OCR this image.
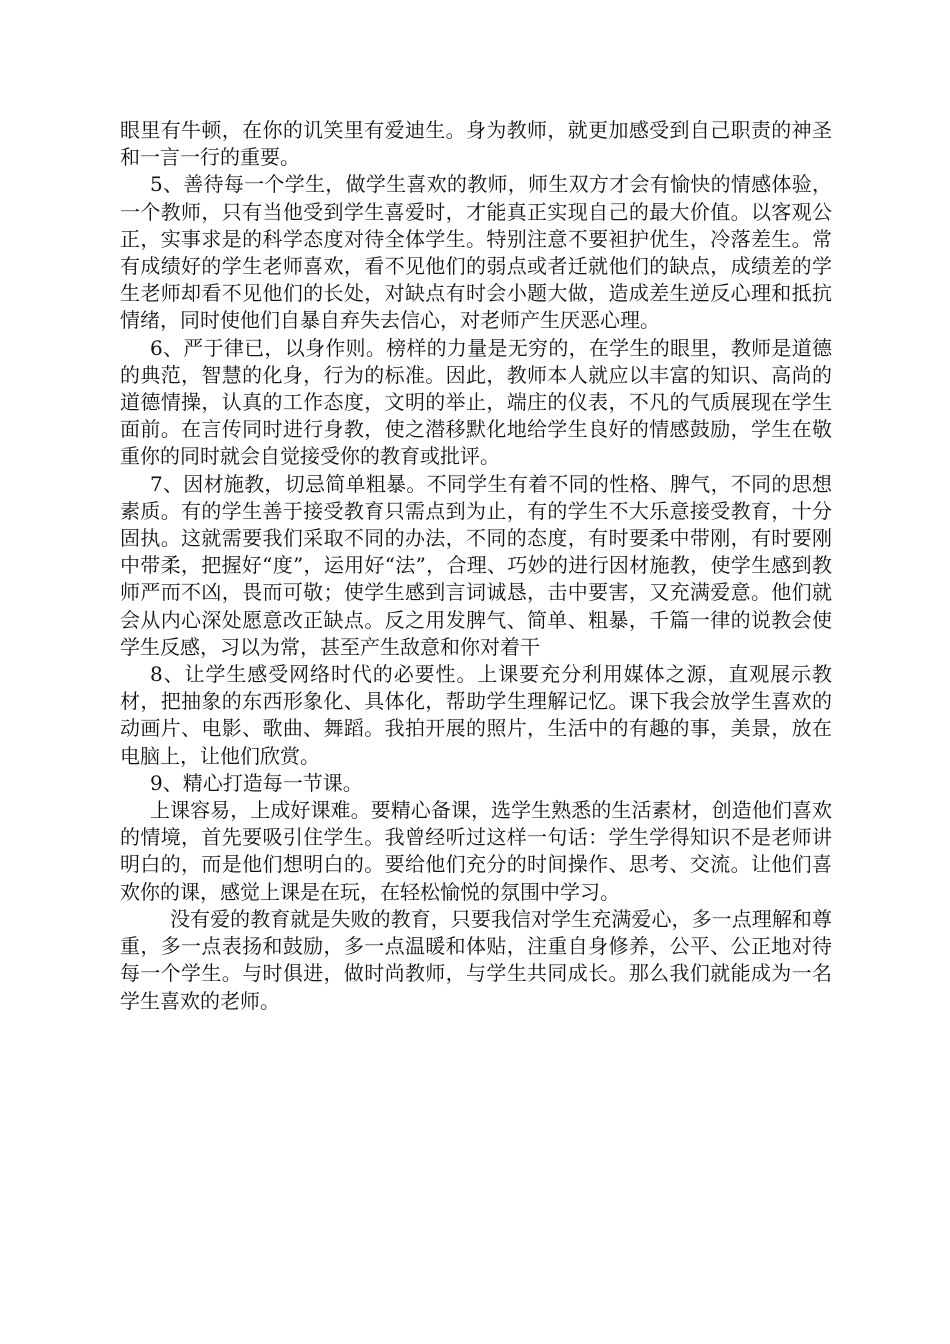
眼里有牛顿，在你的讥笑里有爱迪生。身为教师，就更加感受到自己职责的神圣和一言一行的重要。

5、善待每一个学生，做学生喜欢的教师，师生双方才会有愉快的情感体验，一个教师，只有当他受到学生喜爱时，才能真正实现自己的最大价值。以客观公正，实事求是的科学态度对待全体学生。特别注意不要袒护优生，冷落差生。常有成绩好的学生老师喜欢，看不见他们的弱点或者迁就他们的缺点，成绩差的学生老师却看不见他们的长处，对缺点有时会小题大做，造成差生逆反心理和抵抗情绪，同时使他们自暴自弃失去信心，对老师产生厌恶心理。

6、严于律已，以身作则。榜样的力量是无穷的，在学生的眼里，教师是道德的典范，智慧的化身，行为的标准。因此，教师本人就应以丰富的知识、高尚的道德情操，认真的工作态度，文明的举止，端庄的仪表，不凡的气质展现在学生面前。在言传同时进行身教，使之潜移默化地给学生良好的情感鼓励，学生在敬重你的同时就会自觉接受你的教育或批评。

7、因材施教，切忌简单粗暴。不同学生有着不同的性格、脾气，不同的思想素质。有的学生善于接受教育只需点到为止，有的学生不大乐意接受教育，十分固执。这就需要我们采取不同的办法，不同的态度，有时要柔中带刚，有时要刚中带柔，把握好“度”，运用好“法”，合理、巧妙的进行因材施教，使学生感到教师严而不凶，畏而可敬；使学生感到言词诚恳，击中要害，又充满爱意。他们就会从内心深处愿意改正缺点。反之用发脾气、简单、粗暴，千篇一律的说教会使学生反感，习以为常，甚至产生敌意和你对着干

8、让学生感受网络时代的必要性。上课要充分利用媒体之源，直观展示教材，把抽象的东西形象化、具体化，帮助学生理解记忆。课下我会放学生喜欢的动画片、电影、歌曲、舞蹈。我拍开展的照片，生活中的有趣的事，美景，放在电脑上，让他们欣赏。

9、精心打造每一节课。

上课容易，上成好课难。要精心备课，选学生熟悉的生活素材，创造他们喜欢的情境，首先要吸引住学生。我曾经听过这样一句话：学生学得知识不是老师讲明白的，而是他们想明白的。要给他们充分的时间操作、思考、交流。让他们喜欢你的课，感觉上课是在玩，在轻松愉悦的氛围中学习。

没有爱的教育就是失败的教育，只要我信对学生充满爱心，多一点理解和尊重，多一点表扬和鼓励，多一点温暖和体贴，注重自身修养，公平、公正地对待每一个学生。与时俱进，做时尚教师，与学生共同成长。那么我们就能成为一名学生喜欢的老师。
